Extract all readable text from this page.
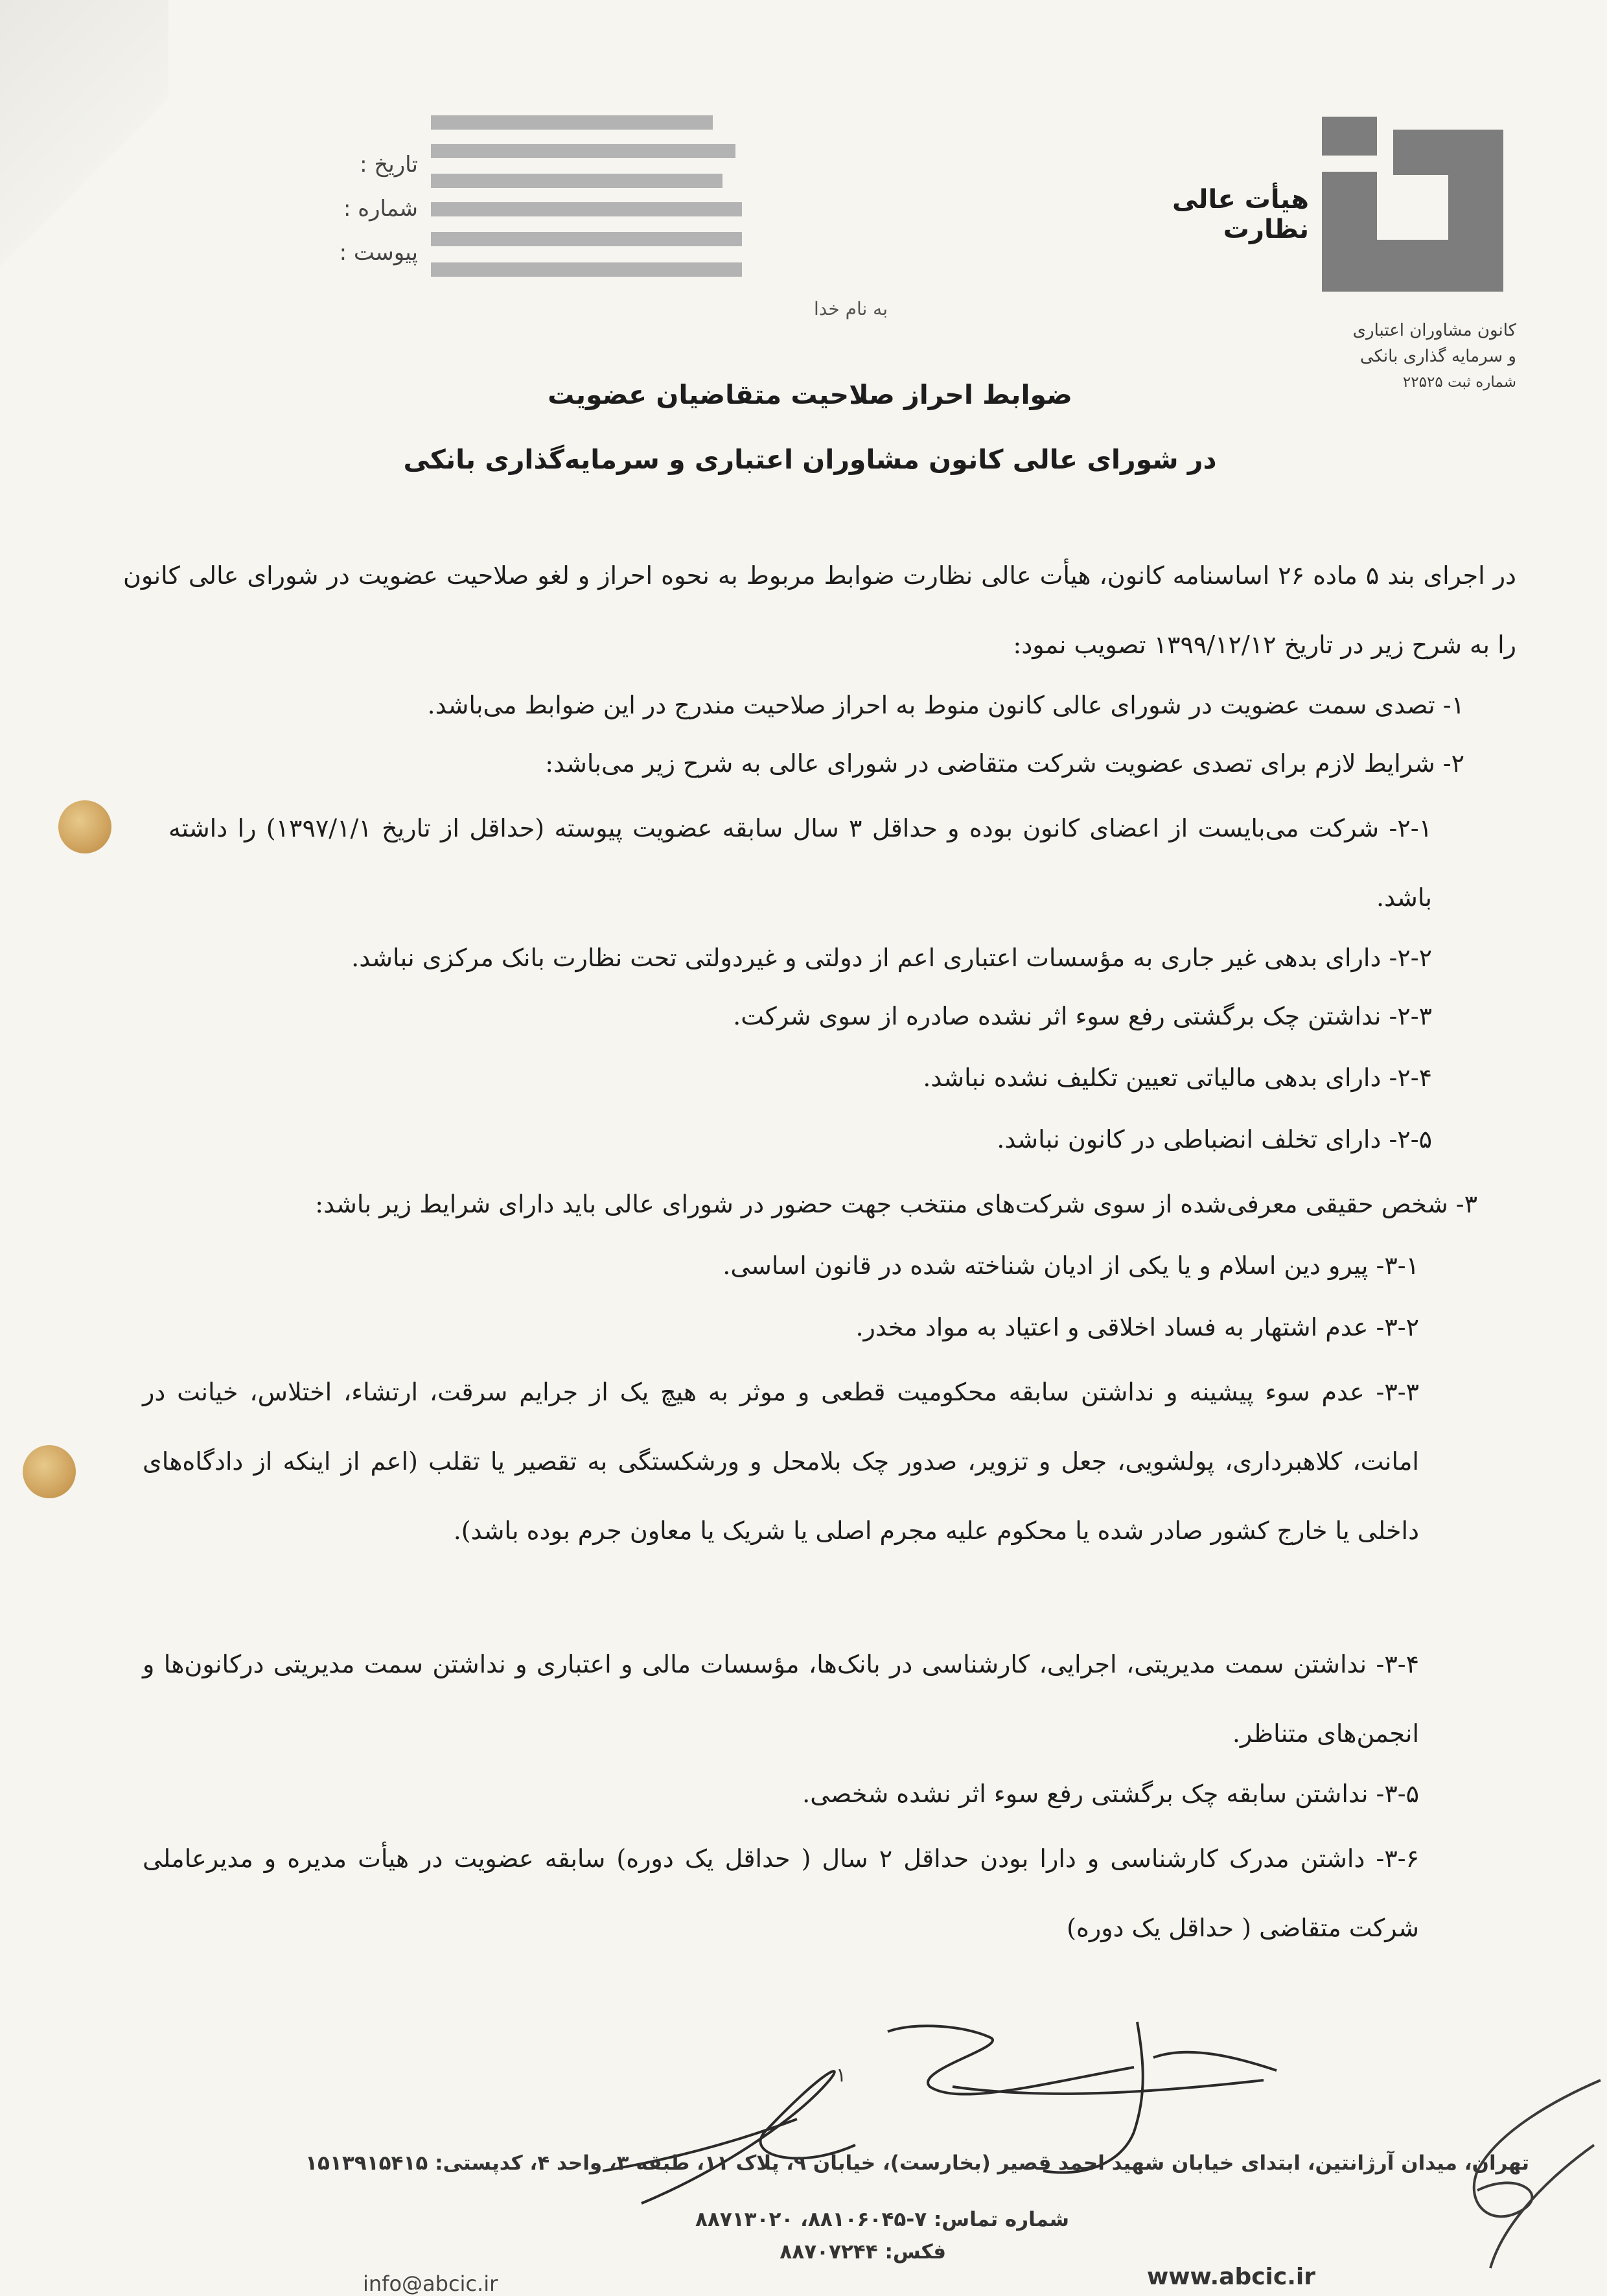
هیأت عالی نظارت
کانون مشاوران اعتباری
و سرمایه گذاری بانکی
شماره ثبت ۲۲۵۲۵
تاریخ :
شماره :
پیوست :
به نام خدا
ضوابط احراز صلاحیت متقاضیان عضویت
در شورای عالی کانون مشاوران اعتباری و سرمایه‌گذاری بانکی
در اجرای بند ۵ ماده ۲۶ اساسنامه کانون، هیأت عالی نظارت ضوابط مربوط به نحوه احراز و لغو صلاحیت عضویت در شورای عالی کانون را به شرح زیر در تاریخ ۱۳۹۹/۱۲/۱۲ تصویب نمود:
۱- تصدی سمت عضویت در شورای عالی کانون منوط به احراز صلاحیت مندرج در این ضوابط می‌باشد.
۲- شرایط لازم برای تصدی عضویت شرکت متقاضی در شورای عالی به شرح زیر می‌باشد:
۲-۱- شرکت می‌بایست از اعضای کانون بوده و حداقل ۳ سال سابقه عضویت پیوسته (حداقل از تاریخ ۱۳۹۷/۱/۱) را داشته باشد.
۲-۲- دارای بدهی غیر جاری به مؤسسات اعتباری اعم از دولتی و غیردولتی تحت نظارت بانک مرکزی نباشد.
۲-۳- نداشتن چک برگشتی رفع سوء اثر نشده صادره از سوی شرکت.
۲-۴- دارای بدهی مالیاتی تعیین تکلیف نشده نباشد.
۲-۵- دارای تخلف انضباطی در کانون نباشد.
۳- شخص حقیقی معرفی‌شده از سوی شرکت‌های منتخب جهت حضور در شورای عالی باید دارای شرایط زیر باشد:
۳-۱- پیرو دین اسلام و یا یکی از ادیان شناخته شده در قانون اساسی.
۳-۲- عدم اشتهار به فساد اخلاقی و اعتیاد به مواد مخدر.
۳-۳- عدم سوء پیشینه و نداشتن سابقه محکومیت قطعی و موثر به هیچ یک از جرایم سرقت، ارتشاء، اختلاس، خیانت در امانت، کلاهبرداری، پولشویی، جعل و تزویر، صدور چک بلامحل و ورشکستگی به تقصیر یا تقلب (اعم از اینکه از دادگاه‌های داخلی یا خارج کشور صادر شده یا محکوم علیه مجرم اصلی یا شریک یا معاون جرم بوده باشد).
۳-۴- نداشتن سمت مدیریتی، اجرایی، کارشناسی در بانک‌ها، مؤسسات مالی و اعتباری و نداشتن سمت مدیریتی درکانون‌ها و انجمن‌های متناظر.
۳-۵- نداشتن سابقه چک برگشتی رفع سوء اثر نشده شخصی.
۳-۶- داشتن مدرک کارشناسی و دارا بودن حداقل ۲ سال ( حداقل یک دوره) سابقه عضویت در هیأت مدیره و مدیرعاملی شرکت متقاضی ( حداقل یک دوره)
۱
تهران، میدان آرژانتین، ابتدای خیابان شهید احمد قصیر (بخارست)، خیابان ۹، پلاک ۱۱، طبقه ۳، واحد ۴، کدپستی: ۱۵۱۳۹۱۵۴۱۵
شماره تماس: ۷-۸۸۱۰۶۰۴۵، ۸۸۷۱۳۰۲۰
فکس: ۸۸۷۰۷۲۴۴
www.abcic.ir
info@abcic.ir
